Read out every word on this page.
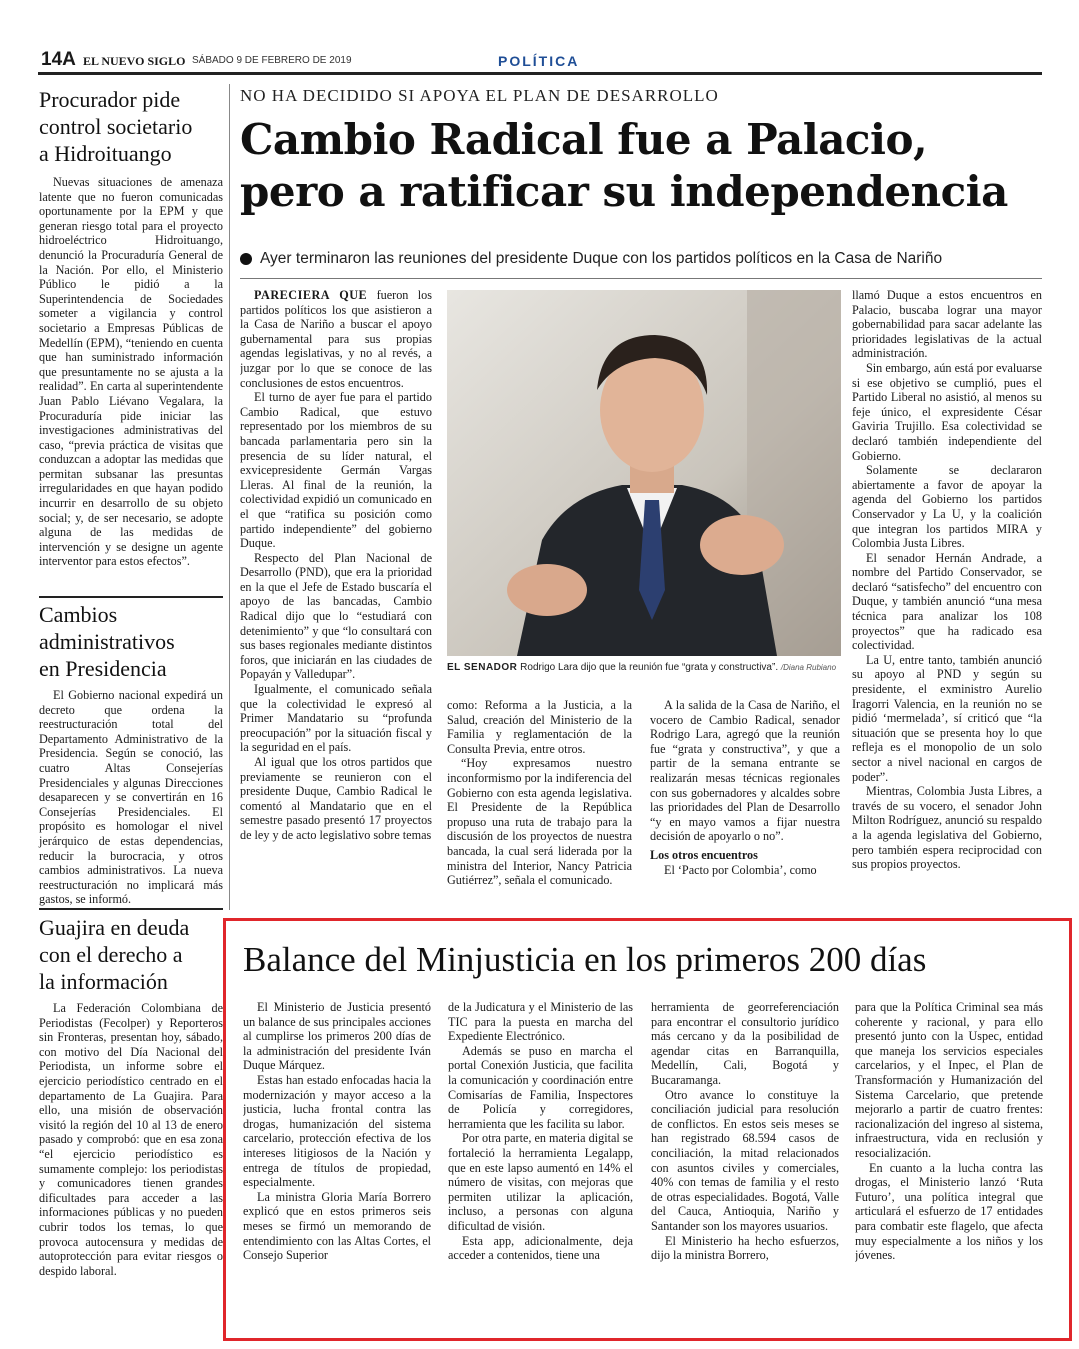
14A EL NUEVO SIGLO SÁBADO 9 DE FEBRERO DE 2019	POLÍTICA
Procurador pide
control societario
a Hidroituango

Nuevas situaciones de amenaza latente que no fueron comunicadas oportunamente por la EPM y que generan riesgo total para el proyecto hidroeléctrico Hidroituango, denunció la Procuraduría General de la Nación. Por ello, el Ministerio Público le pidió a la Superintendencia de Sociedades someter a vigilancia y control societario a Empresas Públicas de Medellín (EPM), “teniendo en cuenta que han suministrado información que presuntamente no se ajusta a la realidad”. En carta al superintendente Juan Pablo Liévano Vegalara, la Procuraduría pide iniciar las investigaciones administrativas del caso, “previa práctica de visitas que conduzcan a adoptar las medidas que permitan subsanar las presuntas irregularidades en que hayan podido incurrir en desarrollo de su objeto social; y, de ser necesario, se adopte alguna de las medidas de intervención y se designe un agente interventor para estos efectos”.

Cambios
administrativos
en Presidencia

El Gobierno nacional expedirá un decreto que ordena la reestructuración total del Departamento Administrativo de la Presidencia. Según se conoció, las cuatro Altas Consejerías Presidenciales y algunas Direcciones desaparecen y se convertirán en 16 Consejerías Presidenciales. El propósito es homologar el nivel jerárquico de estas dependencias, reducir la burocracia, y otros cambios administrativos. La nueva reestructuración no implicará más gastos, se informó.

Guajira en deuda
con el derecho a
la información

La Federación Colombiana de Periodistas (Fecolper) y Reporteros sin Fronteras, presentan hoy, sábado, con motivo del Día Nacional del Periodista, un informe sobre el ejercicio periodístico centrado en el departamento de La Guajira. Para ello, una misión de observación visitó la región del 10 al 13 de enero pasado y comprobó: que en esa zona “el ejercicio periodístico es sumamente complejo: los periodistas y comunicadores tienen grandes dificultades para acceder a las informaciones públicas y no pueden cubrir todos los temas, lo que provoca autocensura y medidas de autoprotección para evitar riesgos o despido laboral.

NO HA DECIDIDO SI APOYA EL PLAN DE DESARROLLO
Cambio Radical fue a Palacio,
pero a ratificar su independencia
Ayer terminaron las reuniones del presidente Duque con los partidos políticos en la Casa de Nariño

PARECIERA QUE fueron los partidos políticos los que asistieron a la Casa de Nariño a buscar el apoyo gubernamental para sus propias agendas legislativas, y no al revés, a juzgar por lo que se conoce de las conclusiones de estos encuentros.

El turno de ayer fue para el partido Cambio Radical, que estuvo representado por los miembros de su bancada parlamentaria pero sin la presencia de su líder natural, el exvicepresidente Germán Vargas Lleras. Al final de la reunión, la colectividad expidió un comunicado en el que “ratifica su posición como partido independiente” del gobierno Duque.

Respecto del Plan Nacional de Desarrollo (PND), que era la prioridad en la que el Jefe de Estado buscaría el apoyo de las bancadas, Cambio Radical dijo que lo “estudiará con detenimiento” y que “lo consultará con sus bases regionales mediante distintos foros, que iniciarán en las ciudades de Popayán y Valledupar”.

Igualmente, el comunicado señala que la colectividad le expresó al Primer Mandatario su “profunda preocupación” por la situación fiscal y la seguridad en el país.

Al igual que los otros partidos que previamente se reunieron con el presidente Duque, Cambio Radical le comentó al Mandatario que en el semestre pasado presentó 17 proyectos de ley y de acto legislativo sobre temas

EL SENADOR Rodrigo Lara dijo que la reunión fue “grata y constructiva”. /Diana Rubiano

como: Reforma a la Justicia, a la Salud, creación del Ministerio de la Familia y reglamentación de la Consulta Previa, entre otros.

“Hoy expresamos nuestro inconformismo por la indiferencia del Gobierno con esta agenda legislativa. El Presidente de la República propuso una ruta de trabajo para la discusión de los proyectos de nuestra bancada, la cual será liderada por la ministra del Interior, Nancy Patricia Gutiérrez”, señala el comunicado.

A la salida de la Casa de Nariño, el vocero de Cambio Radical, senador Rodrigo Lara, agregó que la reunión fue “grata y constructiva”, y que a partir de la semana entrante se realizarán mesas técnicas regionales con sus gobernadores y alcaldes sobre las prioridades del Plan de Desarrollo “y en mayo vamos a fijar nuestra decisión de apoyarlo o no”.

Los otros encuentros

El ‘Pacto por Colombia’, como

llamó Duque a estos encuentros en Palacio, buscaba lograr una mayor gobernabilidad para sacar adelante las prioridades legislativas de la actual administración.

Sin embargo, aún está por evaluarse si ese objetivo se cumplió, pues el Partido Liberal no asistió, al menos su feje único, el expresidente César Gaviria Trujillo. Esa colectividad se declaró también independiente del Gobierno.

Solamente se declararon abiertamente a favor de apoyar la agenda del Gobierno los partidos Conservador y La U, y la coalición que integran los partidos MIRA y Colombia Justa Libres.

El senador Hernán Andrade, a nombre del Partido Conservador, se declaró “satisfecho” del encuentro con Duque, y también anunció “una mesa técnica para analizar los 108 proyectos” que ha radicado esa colectividad.

La U, entre tanto, también anunció su apoyo al PND y según su presidente, el exministro Aurelio Iragorri Valencia, en la reunión no se pidió ‘mermelada’, sí criticó que “la situación que se presenta hoy lo que refleja es el monopolio de un solo sector a nivel nacional en cargos de poder”.

Mientras, Colombia Justa Libres, a través de su vocero, el senador John Milton Rodríguez, anunció su respaldo a la agenda legislativa del Gobierno, pero también espera reciprocidad con sus propios proyectos.

Balance del Minjusticia en los primeros 200 días

El Ministerio de Justicia presentó un balance de sus principales acciones al cumplirse los primeros 200 días de la administración del presidente Iván Duque Márquez.

Estas han estado enfocadas hacia la modernización y mayor acceso a la justicia, lucha frontal contra las drogas, humanización del sistema carcelario, protección efectiva de los intereses litigiosos de la Nación y entrega de títulos de propiedad, especialmente.

La ministra Gloria María Borrero explicó que en estos primeros seis meses se firmó un memorando de entendimiento con las Altas Cortes, el Consejo Superior

de la Judicatura y el Ministerio de las TIC para la puesta en marcha del Expediente Electrónico.

Además se puso en marcha el portal Conexión Justicia, que facilita la comunicación y coordinación entre Comisarías de Familia, Inspectores de Policía y corregidores, herramienta que les facilita su labor.

Por otra parte, en materia digital se fortaleció la herramienta Legalapp, que en este lapso aumentó en 14% el número de visitas, con mejoras que permiten utilizar la aplicación, incluso, a personas con alguna dificultad de visión.

Esta app, adicionalmente, deja acceder a contenidos, tiene una

herramienta de georreferenciación para encontrar el consultorio jurídico más cercano y da la posibilidad de agendar citas en Barranquilla, Medellín, Cali, Bogotá y Bucaramanga.

Otro avance lo constituye la conciliación judicial para resolución de conflictos. En estos seis meses se han registrado 68.594 casos de conciliación, la mitad relacionados con asuntos civiles y comerciales, 40% con temas de familia y el resto de otras especialidades. Bogotá, Valle del Cauca, Antioquia, Nariño y Santander son los mayores usuarios.

El Ministerio ha hecho esfuerzos, dijo la ministra Borrero,

para que la Política Criminal sea más coherente y racional, y para ello presentó junto con la Uspec, entidad que maneja los servicios especiales carcelarios, y el Inpec, el Plan de Transformación y Humanización del Sistema Carcelario, que pretende mejorarlo a partir de cuatro frentes: racionalización del ingreso al sistema, infraestructura, vida en reclusión y resocialización.

En cuanto a la lucha contra las drogas, el Ministerio lanzó ‘Ruta Futuro’, una política integral que articulará el esfuerzo de 17 entidades para combatir este flagelo, que afecta muy especialmente a los niños y los jóvenes.
